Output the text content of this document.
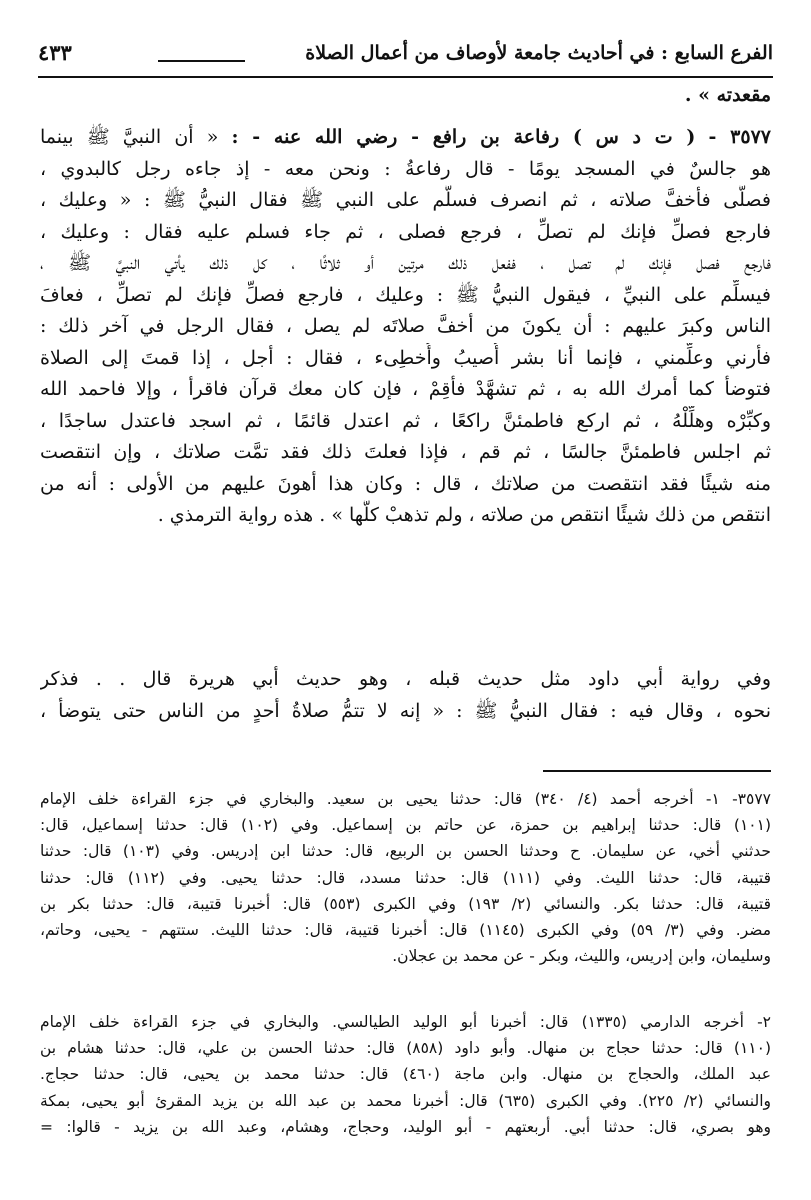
الفرع السابع : في أحاديث جامعة لأوصاف من أعمال الصلاة
٤٣٣
مقعدته » .
٣٥٧٧ - ( ت د س ) رفاعة بن رافع - رضي الله عنه - : « أن النبيَّ ﷺ بينما
هو جالسٌ في المسجد يومًا - قال رفاعةُ : ونحن معه - إذ جاءه رجل كالبدوي ،
فصلَّى فأخفَّ صلاته ، ثم انصرف فسلَّم على النبي ﷺ فقال النبيُّ ﷺ : « وعليك ،
فارجع فصلِّ فإنك لم تصلِّ ، فرجع فصلى ، ثم جاء فسلم عليه فقال : وعليك ،
فارجع فصل فإنك لم تصل ، ففعل ذلك مرتين أو ثلاثًا ، كل ذلك يأتي النبيَّ ﷺ ،
فيسلِّم على النبيِّ ، فيقول النبيُّ ﷺ : وعليك ، فارجع فصلِّ فإنك لم تصلِّ ، فعافَ
الناس وكبرَ عليهم : أن يكونَ من أخفَّ صلاتَه لم يصل ، فقال الرجل في آخر ذلك :
فأرني وعلِّمني ، فإنما أنا بشر أُصيبُ وأُخطِىء ، فقال : أجل ، إذا قمتَ إلى الصلاة
فتوضأ كما أمرك الله به ، ثم تشهَّدْ فأقِمْ ، فإن كان معك قرآن فاقرأ ، وإلا فاحمد الله
وكبِّرْه وهلِّلْهُ ، ثم اركع فاطمئنَّ راكعًا ، ثم اعتدل قائمًا ، ثم اسجد فاعتدل ساجدًا ،
ثم اجلس فاطمئنَّ جالسًا ، ثم قم ، فإذا فعلتَ ذلك فقد تمَّت صلاتك ، وإن انتقصت
منه شيئًا فقد انتقصت من صلاتك ، قال : وكان هذا أهونَ عليهم من الأولى : أنه من
انتقص من ذلك شيئًا انتقص من صلاته ، ولم تذهبْ كلُّها » . هذه رواية الترمذي .
وفي رواية أبي داود مثل حديث قبله ، وهو حديث أبي هريرة قال . . فذكر
نحوه ، وقال فيه : فقال النبيُّ ﷺ : « إنه لا تتمُّ صلاةُ أحدٍ من الناس حتى يتوضأ ،
٣٥٧٧- ١- أخرجه أحمد (٤/ ٣٤٠) قال: حدثنا يحيى بن سعيد. والبخاري في جزء القراءة خلف الإمام
(١٠١) قال: حدثنا إبراهيم بن حمزة، عن حاتم بن إسماعيل. وفي (١٠٢) قال: حدثنا إسماعيل، قال:
حدثني أخي، عن سليمان. ح وحدثنا الحسن بن الربيع، قال: حدثنا ابن إدريس. وفي (١٠٣) قال: حدثنا
قتيبة، قال: حدثنا الليث. وفي (١١١) قال: حدثنا مسدد، قال: حدثنا يحيى. وفي (١١٢) قال: حدثنا
قتيبة، قال: حدثنا بكر. والنسائي (٢/ ١٩٣) وفي الكبرى (٥٥٣) قال: أخبرنا قتيبة، قال: حدثنا بكر بن
مضر. وفي (٣/ ٥٩) وفي الكبرى (١١٤٥) قال: أخبرنا قتيبة، قال: حدثنا الليث. ستتهم - يحيى، وحاتم،
وسليمان، وابن إدريس، والليث، وبكر - عن محمد بن عجلان.
٢- أخرجه الدارمي (١٣٣٥) قال: أخبرنا أبو الوليد الطيالسي. والبخاري في جزء القراءة خلف الإمام
(١١٠) قال: حدثنا حجاج بن منهال. وأبو داود (٨٥٨) قال: حدثنا الحسن بن علي، قال: حدثنا هشام بن
عبد الملك، والحجاج بن منهال. وابن ماجة (٤٦٠) قال: حدثنا محمد بن يحيى، قال: حدثنا حجاج.
والنسائي (٢/ ٢٢٥). وفي الكبرى (٦٣٥) قال: أخبرنا محمد بن عبد الله بن يزيد المقرئ أبو يحيى، بمكة
وهو بصري، قال: حدثنا أبي. أربعتهم - أبو الوليد، وحجاج، وهشام، وعبد الله بن يزيد - قالوا: =
